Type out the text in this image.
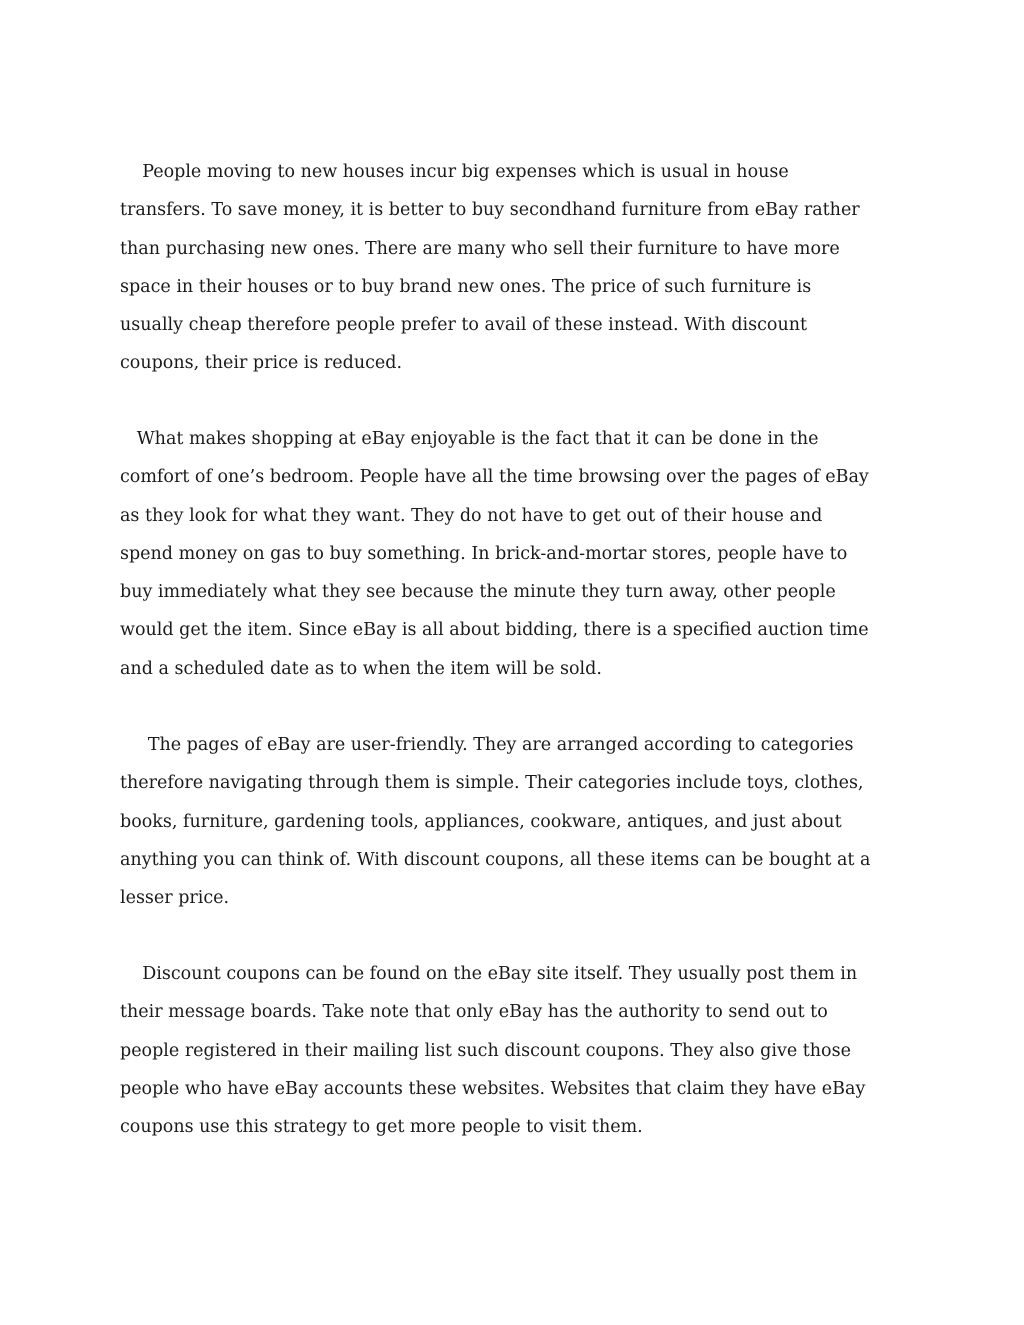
People moving to new houses incur big expenses which is usual in house
transfers. To save money, it is better to buy secondhand furniture from eBay rather
than purchasing new ones. There are many who sell their furniture to have more
space in their houses or to buy brand new ones. The price of such furniture is
usually cheap therefore people prefer to avail of these instead. With discount
coupons, their price is reduced.

What makes shopping at eBay enjoyable is the fact that it can be done in the
comfort of one’s bedroom. People have all the time browsing over the pages of eBay
as they look for what they want. They do not have to get out of their house and
spend money on gas to buy something. In brick-and-mortar stores, people have to
buy immediately what they see because the minute they turn away, other people
would get the item. Since eBay is all about bidding, there is a specified auction time
and a scheduled date as to when the item will be sold.

The pages of eBay are user-friendly. They are arranged according to categories
therefore navigating through them is simple. Their categories include toys, clothes,
books, furniture, gardening tools, appliances, cookware, antiques, and just about
anything you can think of. With discount coupons, all these items can be bought at a
lesser price.

Discount coupons can be found on the eBay site itself. They usually post them in
their message boards. Take note that only eBay has the authority to send out to
people registered in their mailing list such discount coupons. They also give those
people who have eBay accounts these websites. Websites that claim they have eBay
coupons use this strategy to get more people to visit them.
